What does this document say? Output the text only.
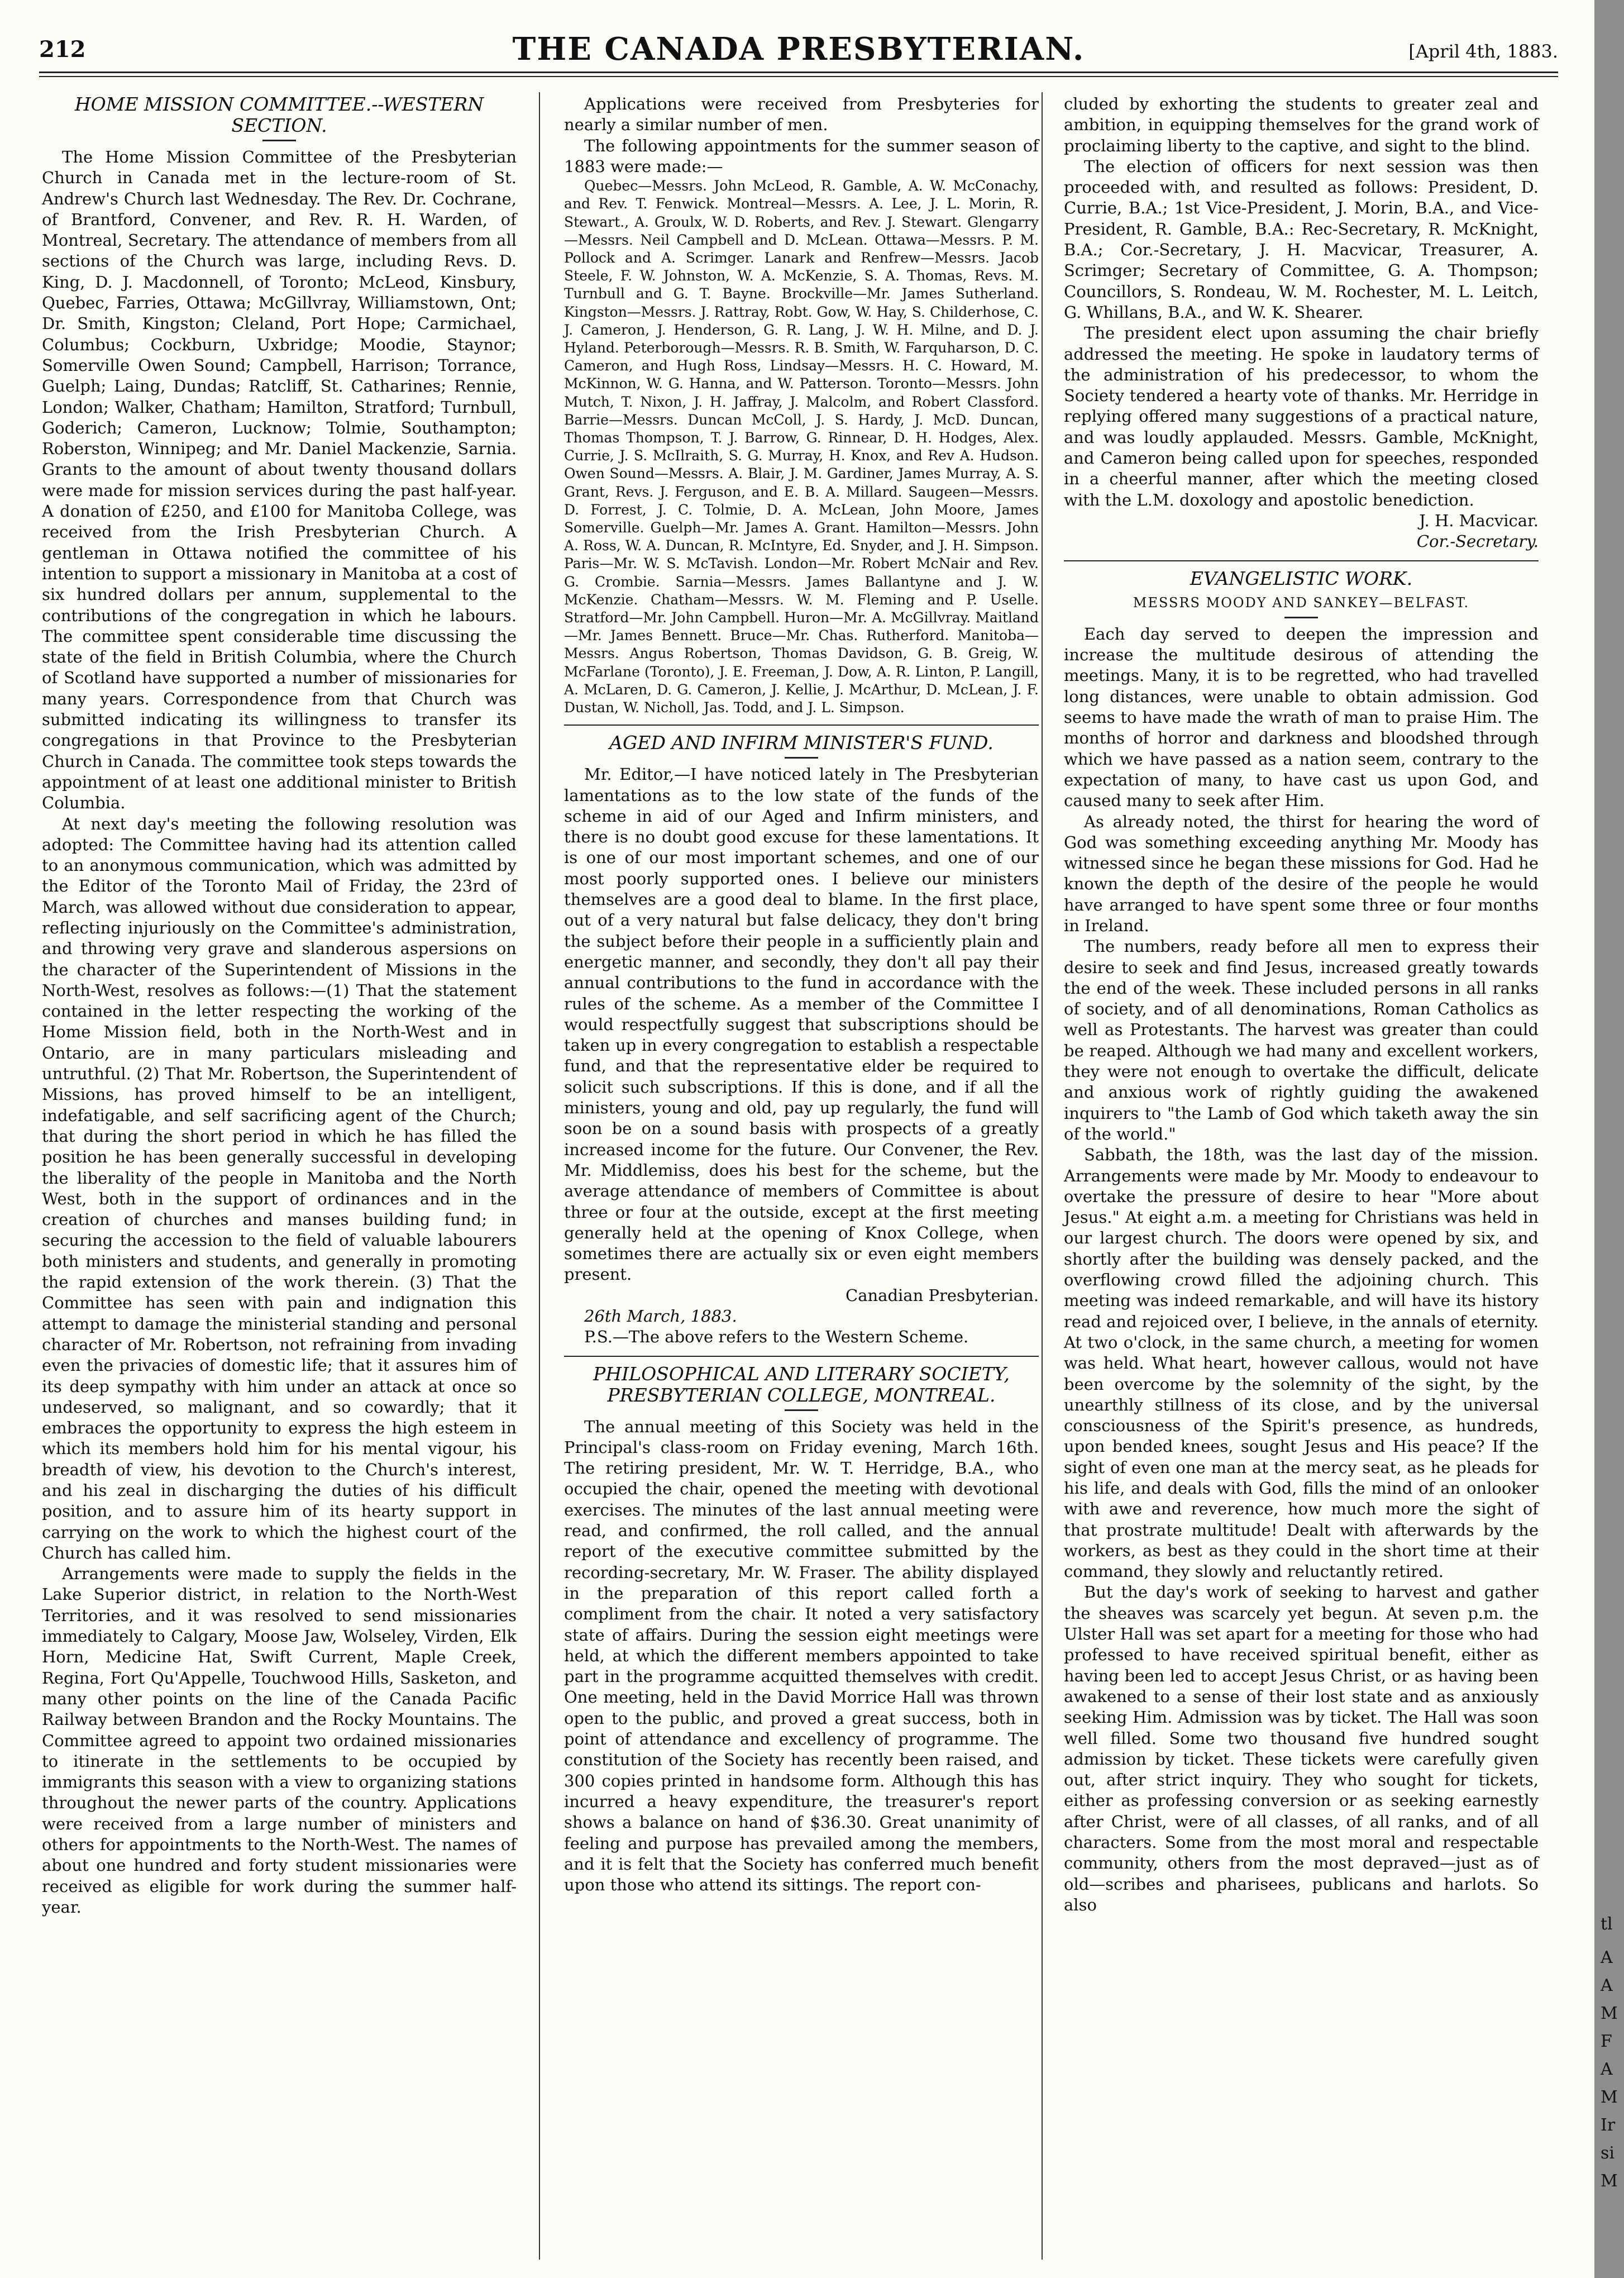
212	THE CANADA PRESBYTERIAN.	[April 4th, 1883.
HOME MISSION COMMITTEE.--WESTERN SECTION.

The Home Mission Committee of the Presbyterian Church in Canada met in the lecture-room of St. Andrew's Church last Wednesday. The Rev. Dr. Cochrane, of Brantford, Convener, and Rev. R. H. Warden, of Montreal, Secretary. The attendance of members from all sections of the Church was large, including Revs. D. King, D. J. Macdonnell, of Toronto; McLeod, Kinsbury, Quebec, Farries, Ottawa; McGillvray, Williamstown, Ont; Dr. Smith, Kingston; Cleland, Port Hope; Carmichael, Columbus; Cockburn, Uxbridge; Moodie, Staynor; Somerville Owen Sound; Campbell, Harrison; Torrance, Guelph; Laing, Dundas; Ratcliff, St. Catharines; Rennie, London; Walker, Chatham; Hamilton, Stratford; Turnbull, Goderich; Cameron, Lucknow; Tolmie, Southampton; Roberston, Winnipeg; and Mr. Daniel Mackenzie, Sarnia. Grants to the amount of about twenty thousand dollars were made for mission services during the past half-year. A donation of £250, and £100 for Manitoba College, was received from the Irish Presbyterian Church. A gentleman in Ottawa notified the committee of his intention to support a missionary in Manitoba at a cost of six hundred dollars per annum, supplemental to the contributions of the congregation in which he labours. The committee spent considerable time discussing the state of the field in British Columbia, where the Church of Scotland have supported a number of missionaries for many years. Correspondence from that Church was submitted indicating its willingness to transfer its congregations in that Province to the Presbyterian Church in Canada. The committee took steps towards the appointment of at least one additional minister to British Columbia.

At next day's meeting the following resolution was adopted: The Committee having had its attention called to an anonymous communication, which was admitted by the Editor of the Toronto Mail of Friday, the 23rd of March, was allowed without due consideration to appear, reflecting injuriously on the Committee's administration, and throwing very grave and slanderous aspersions on the character of the Superintendent of Missions in the North-West, resolves as follows:—(1) That the statement contained in the letter respecting the working of the Home Mission field, both in the North-West and in Ontario, are in many particulars misleading and untruthful. (2) That Mr. Robertson, the Superintendent of Missions, has proved himself to be an intelligent, indefatigable, and self sacrificing agent of the Church; that during the short period in which he has filled the position he has been generally successful in developing the liberality of the people in Manitoba and the North West, both in the support of ordinances and in the creation of churches and manses building fund; in securing the accession to the field of valuable labourers both ministers and students, and generally in promoting the rapid extension of the work therein. (3) That the Committee has seen with pain and indignation this attempt to damage the ministerial standing and personal character of Mr. Robertson, not refraining from invading even the privacies of domestic life; that it assures him of its deep sympathy with him under an attack at once so undeserved, so malignant, and so cowardly; that it embraces the opportunity to express the high esteem in which its members hold him for his mental vigour, his breadth of view, his devotion to the Church's interest, and his zeal in discharging the duties of his difficult position, and to assure him of its hearty support in carrying on the work to which the highest court of the Church has called him.

Arrangements were made to supply the fields in the Lake Superior district, in relation to the North-West Territories, and it was resolved to send missionaries immediately to Calgary, Moose Jaw, Wolseley, Virden, Elk Horn, Medicine Hat, Swift Current, Maple Creek, Regina, Fort Qu'Appelle, Touchwood Hills, Sasketon, and many other points on the line of the Canada Pacific Railway between Brandon and the Rocky Mountains. The Committee agreed to appoint two ordained missionaries to itinerate in the settlements to be occupied by immigrants this season with a view to organizing stations throughout the newer parts of the country. Applications were received from a large number of ministers and others for appointments to the North-West. The names of about one hundred and forty student missionaries were received as eligible for work during the summer half-year.

Applications were received from Presbyteries for nearly a similar number of men.

The following appointments for the summer season of 1883 were made:—

Quebec—Messrs. John McLeod, R. Gamble, A. W. McConachy, and Rev. T. Fenwick. Montreal—Messrs. A. Lee, J. L. Morin, R. Stewart., A. Groulx, W. D. Roberts, and Rev. J. Stewart. Glengarry—Messrs. Neil Campbell and D. McLean. Ottawa—Messrs. P. M. Pollock and A. Scrimger. Lanark and Renfrew—Messrs. Jacob Steele, F. W. Johnston, W. A. McKenzie, S. A. Thomas, Revs. M. Turnbull and G. T. Bayne. Brockville—Mr. James Sutherland. Kingston—Messrs. J. Rattray, Robt. Gow, W. Hay, S. Childerhose, C. J. Cameron, J. Henderson, G. R. Lang, J. W. H. Milne, and D. J. Hyland. Peterborough—Messrs. R. B. Smith, W. Farquharson, D. C. Cameron, and Hugh Ross, Lindsay—Messrs. H. C. Howard, M. McKinnon, W. G. Hanna, and W. Patterson. Toronto—Messrs. John Mutch, T. Nixon, J. H. Jaffray, J. Malcolm, and Robert Classford. Barrie—Messrs. Duncan McColl, J. S. Hardy, J. McD. Duncan, Thomas Thompson, T. J. Barrow, G. Rinnear, D. H. Hodges, Alex. Currie, J. S. McIlraith, S. G. Murray, H. Knox, and Rev A. Hudson. Owen Sound—Messrs. A. Blair, J. M. Gardiner, James Murray, A. S. Grant, Revs. J. Ferguson, and E. B. A. Millard. Saugeen—Messrs. D. Forrest, J. C. Tolmie, D. A. McLean, John Moore, James Somerville. Guelph—Mr. James A. Grant. Hamilton—Messrs. John A. Ross, W. A. Duncan, R. McIntyre, Ed. Snyder, and J. H. Simpson. Paris—Mr. W. S. McTavish. London—Mr. Robert McNair and Rev. G. Crombie. Sarnia—Messrs. James Ballantyne and J. W. McKenzie. Chatham—Messrs. W. M. Fleming and P. Uselle. Stratford—Mr. John Campbell. Huron—Mr. A. McGillvray. Maitland—Mr. James Bennett. Bruce—Mr. Chas. Rutherford. Manitoba—Messrs. Angus Robertson, Thomas Davidson, G. B. Greig, W. McFarlane (Toronto), J. E. Freeman, J. Dow, A. R. Linton, P. Langill, A. McLaren, D. G. Cameron, J. Kellie, J. McArthur, D. McLean, J. F. Dustan, W. Nicholl, Jas. Todd, and J. L. Simpson.

AGED AND INFIRM MINISTER'S FUND.

Mr. Editor,—I have noticed lately in The Presbyterian lamentations as to the low state of the funds of the scheme in aid of our Aged and Infirm ministers, and there is no doubt good excuse for these lamentations. It is one of our most important schemes, and one of our most poorly supported ones. I believe our ministers themselves are a good deal to blame. In the first place, out of a very natural but false delicacy, they don't bring the subject before their people in a sufficiently plain and energetic manner, and secondly, they don't all pay their annual contributions to the fund in accordance with the rules of the scheme. As a member of the Committee I would respectfully suggest that subscriptions should be taken up in every congregation to establish a respectable fund, and that the representative elder be required to solicit such subscriptions. If this is done, and if all the ministers, young and old, pay up regularly, the fund will soon be on a sound basis with prospects of a greatly increased income for the future. Our Convener, the Rev. Mr. Middlemiss, does his best for the scheme, but the average attendance of members of Committee is about three or four at the outside, except at the first meeting generally held at the opening of Knox College, when sometimes there are actually six or even eight members present.

Canadian Presbyterian.

26th March, 1883.

P.S.—The above refers to the Western Scheme.

PHILOSOPHICAL AND LITERARY SOCIETY, PRESBYTERIAN COLLEGE, MONTREAL.

The annual meeting of this Society was held in the Principal's class-room on Friday evening, March 16th. The retiring president, Mr. W. T. Herridge, B.A., who occupied the chair, opened the meeting with devotional exercises. The minutes of the last annual meeting were read, and confirmed, the roll called, and the annual report of the executive committee submitted by the recording-secretary, Mr. W. Fraser. The ability displayed in the preparation of this report called forth a compliment from the chair. It noted a very satisfactory state of affairs. During the session eight meetings were held, at which the different members appointed to take part in the programme acquitted themselves with credit. One meeting, held in the David Morrice Hall was thrown open to the public, and proved a great success, both in point of attendance and excellency of programme. The constitution of the Society has recently been raised, and 300 copies printed in handsome form. Although this has incurred a heavy expenditure, the treasurer's report shows a balance on hand of $36.30. Great unanimity of feeling and purpose has prevailed among the members, and it is felt that the Society has conferred much benefit upon those who attend its sittings. The report con-

cluded by exhorting the students to greater zeal and ambition, in equipping themselves for the grand work of proclaiming liberty to the captive, and sight to the blind.

The election of officers for next session was then proceeded with, and resulted as follows: President, D. Currie, B.A.; 1st Vice-President, J. Morin, B.A., and Vice-President, R. Gamble, B.A.: Rec-Secretary, R. McKnight, B.A.; Cor.-Secretary, J. H. Macvicar, Treasurer, A. Scrimger; Secretary of Committee, G. A. Thompson; Councillors, S. Rondeau, W. M. Rochester, M. L. Leitch, G. Whillans, B.A., and W. K. Shearer.

The president elect upon assuming the chair briefly addressed the meeting. He spoke in laudatory terms of the administration of his predecessor, to whom the Society tendered a hearty vote of thanks. Mr. Herridge in replying offered many suggestions of a practical nature, and was loudly applauded. Messrs. Gamble, McKnight, and Cameron being called upon for speeches, responded in a cheerful manner, after which the meeting closed with the L.M. doxology and apostolic benediction.

J. H. Macvicar.
Cor.-Secretary.
EVANGELISTIC WORK.
MESSRS MOODY AND SANKEY—BELFAST.

Each day served to deepen the impression and increase the multitude desirous of attending the meetings. Many, it is to be regretted, who had travelled long distances, were unable to obtain admission. God seems to have made the wrath of man to praise Him. The months of horror and darkness and bloodshed through which we have passed as a nation seem, contrary to the expectation of many, to have cast us upon God, and caused many to seek after Him.

As already noted, the thirst for hearing the word of God was something exceeding anything Mr. Moody has witnessed since he began these missions for God. Had he known the depth of the desire of the people he would have arranged to have spent some three or four months in Ireland.

The numbers, ready before all men to express their desire to seek and find Jesus, increased greatly towards the end of the week. These included persons in all ranks of society, and of all denominations, Roman Catholics as well as Protestants. The harvest was greater than could be reaped. Although we had many and excellent workers, they were not enough to overtake the difficult, delicate and anxious work of rightly guiding the awakened inquirers to "the Lamb of God which taketh away the sin of the world."

Sabbath, the 18th, was the last day of the mission. Arrangements were made by Mr. Moody to endeavour to overtake the pressure of desire to hear "More about Jesus." At eight a.m. a meeting for Christians was held in our largest church. The doors were opened by six, and shortly after the building was densely packed, and the overflowing crowd filled the adjoining church. This meeting was indeed remarkable, and will have its history read and rejoiced over, I believe, in the annals of eternity. At two o'clock, in the same church, a meeting for women was held. What heart, however callous, would not have been overcome by the solemnity of the sight, by the unearthly stillness of its close, and by the universal consciousness of the Spirit's presence, as hundreds, upon bended knees, sought Jesus and His peace? If the sight of even one man at the mercy seat, as he pleads for his life, and deals with God, fills the mind of an onlooker with awe and reverence, how much more the sight of that prostrate multitude! Dealt with afterwards by the workers, as best as they could in the short time at their command, they slowly and reluctantly retired.

But the day's work of seeking to harvest and gather the sheaves was scarcely yet begun. At seven p.m. the Ulster Hall was set apart for a meeting for those who had professed to have received spiritual benefit, either as having been led to accept Jesus Christ, or as having been awakened to a sense of their lost state and as anxiously seeking Him. Admission was by ticket. The Hall was soon well filled. Some two thousand five hundred sought admission by ticket. These tickets were carefully given out, after strict inquiry. They who sought for tickets, either as professing conversion or as seeking earnestly after Christ, were of all classes, of all ranks, and of all characters. Some from the most moral and respectable community, others from the most depraved—just as of old—scribes and pharisees, publicans and harlots. So also

tl
A
A
M
F
A
M
Ir
si
M
